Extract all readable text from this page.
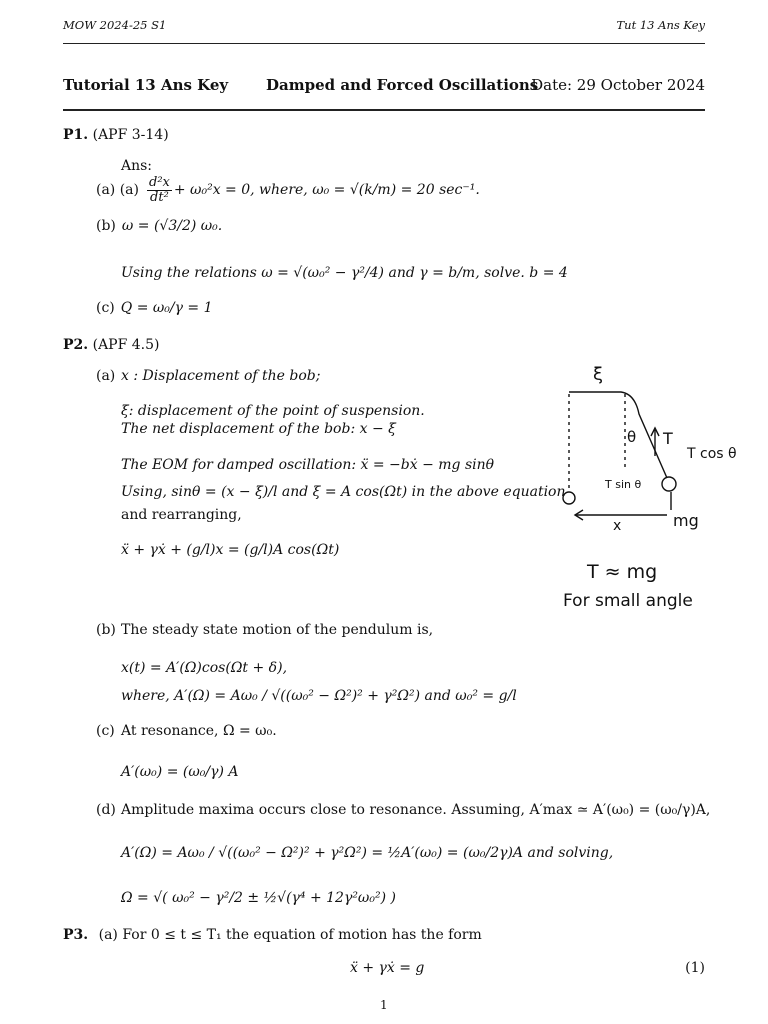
MOW 2024-25 S1	Tut 13 Ans Key
Tutorial 13 Ans Key	Damped and Forced Oscillations
Date: 29 October 2024
P1. (APF 3-14)
Ans:
(a) $(a) \frac{\text{d²x}}{\text{dt²}} + \omega_0^2x = 0$, where, ω₀ = √(k/m) = 20 sec⁻¹.
(b) ω = (√3/2) ω₀.
Using the relations ω = √(ω₀² − γ²/4) and γ = b/m, solve. b = 4
(c) Q = ω₀/γ = 1
P2. (APF 4.5)
(a) x : Displacement of the bob;
ξ: displacement of the point of suspension.
The net displacement of the bob: x − ξ
The EOM for damped oscillation: ẍ = −bẋ − mg sinθ
Using, sinθ = (x − ξ)/l and ξ = A cos(Ωt) in the above equation
and rearranging,
ẍ + γẋ + (g/l)x = (g/l)A cos(Ωt)
ξ
θ T
T cos θ
T sin θ
x	mg
T ≈ mg
For small angle
(b) The steady state motion of the pendulum is,
x(t) = A′(Ω)cos(Ωt + δ),
where, A′(Ω) = Aω₀ / √((ω₀² − Ω²)² + γ²Ω²) and ω₀² = g/l
(c) At resonance, Ω = ω₀.
A′(ω₀) = (ω₀/γ) A
(d) Amplitude maxima occurs close to resonance. Assuming, A′max ≃ A′(ω₀) = (ω₀/γ)A,
A′(Ω) = Aω₀ / √((ω₀² − Ω²)² + γ²Ω²) = ½A′(ω₀) = (ω₀/2γ)A and solving,
Ω = √( ω₀² − γ²/2 ± ½√(γ⁴ + 12γ²ω₀²) )
P3. (a) For 0 ≤ t ≤ T₁ the equation of motion has the form
ẍ + γẋ = g	(1)
1
